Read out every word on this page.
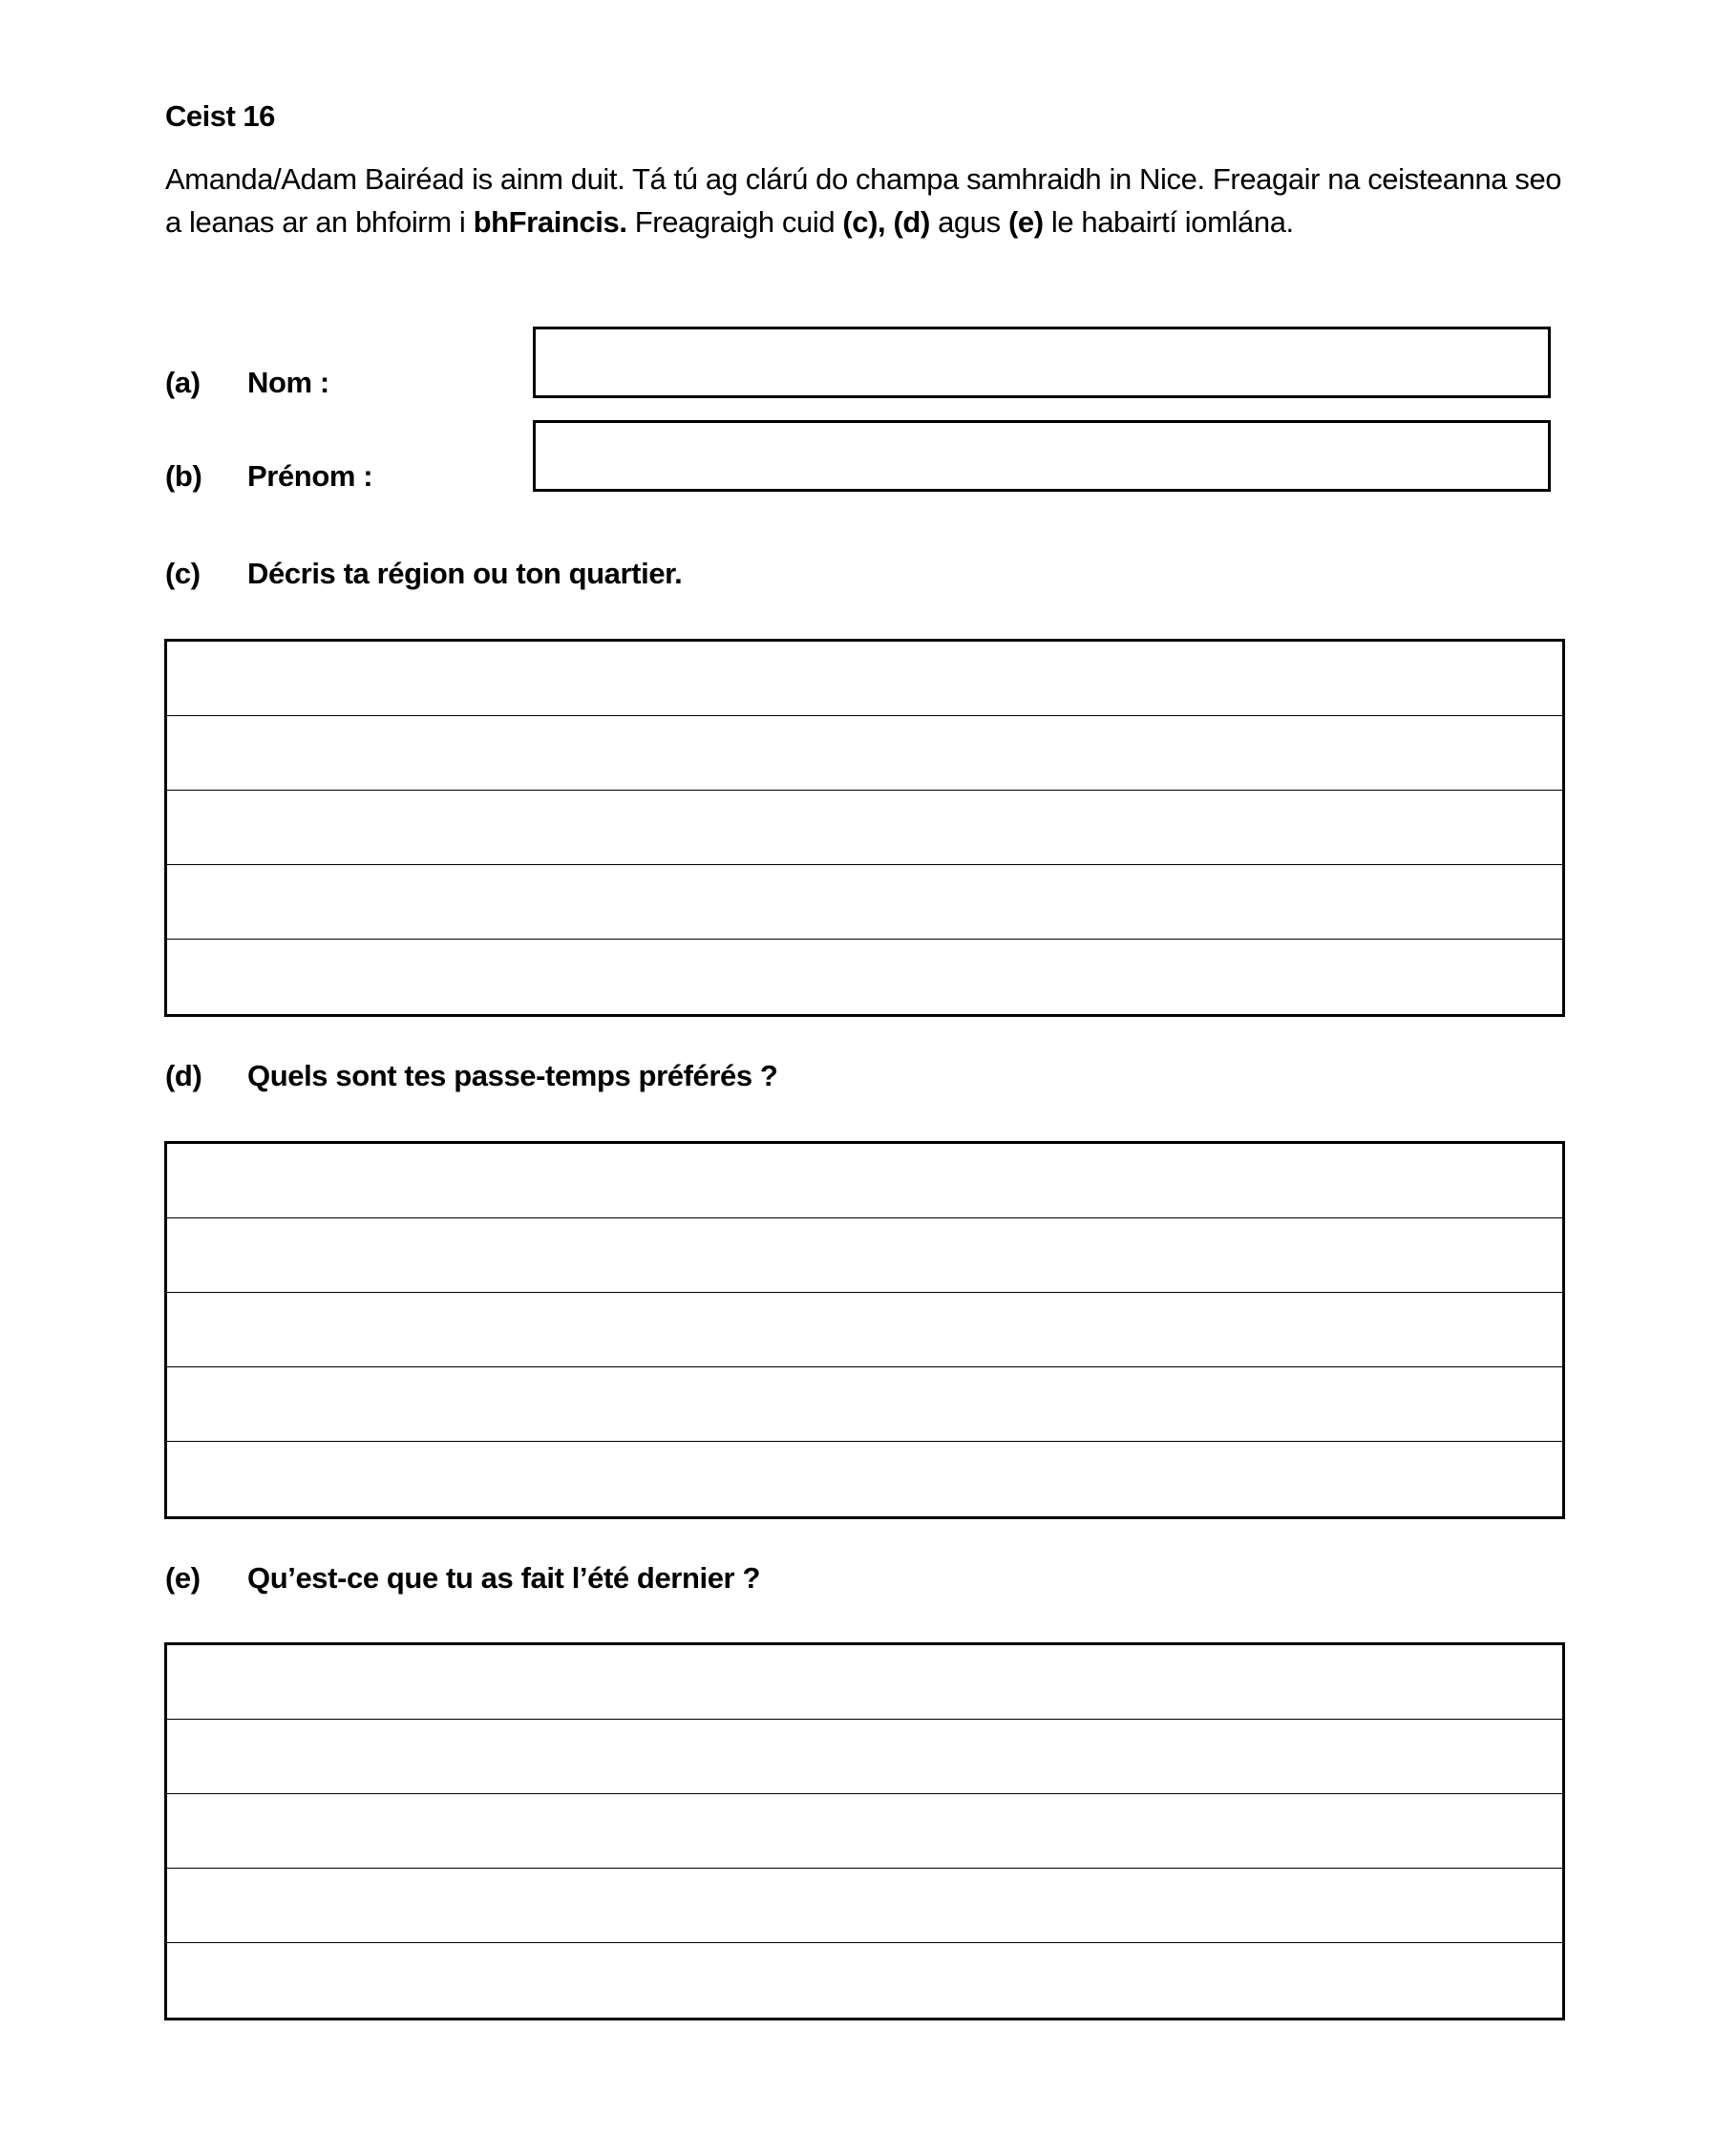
Ceist 16
Amanda/Adam Bairéad is ainm duit. Tá tú ag clárú do champa samhraidh in Nice. Freagair na ceisteanna seo a leanas ar an bhfoirm i bhFraincis. Freagraigh cuid (c), (d) agus (e) le habairtí iomlána.
(a) Nom :
(b) Prénom :
(c) Décris ta région ou ton quartier.
(d) Quels sont tes passe-temps préférés ?
(e) Qu’est-ce que tu as fait l’été dernier ?
